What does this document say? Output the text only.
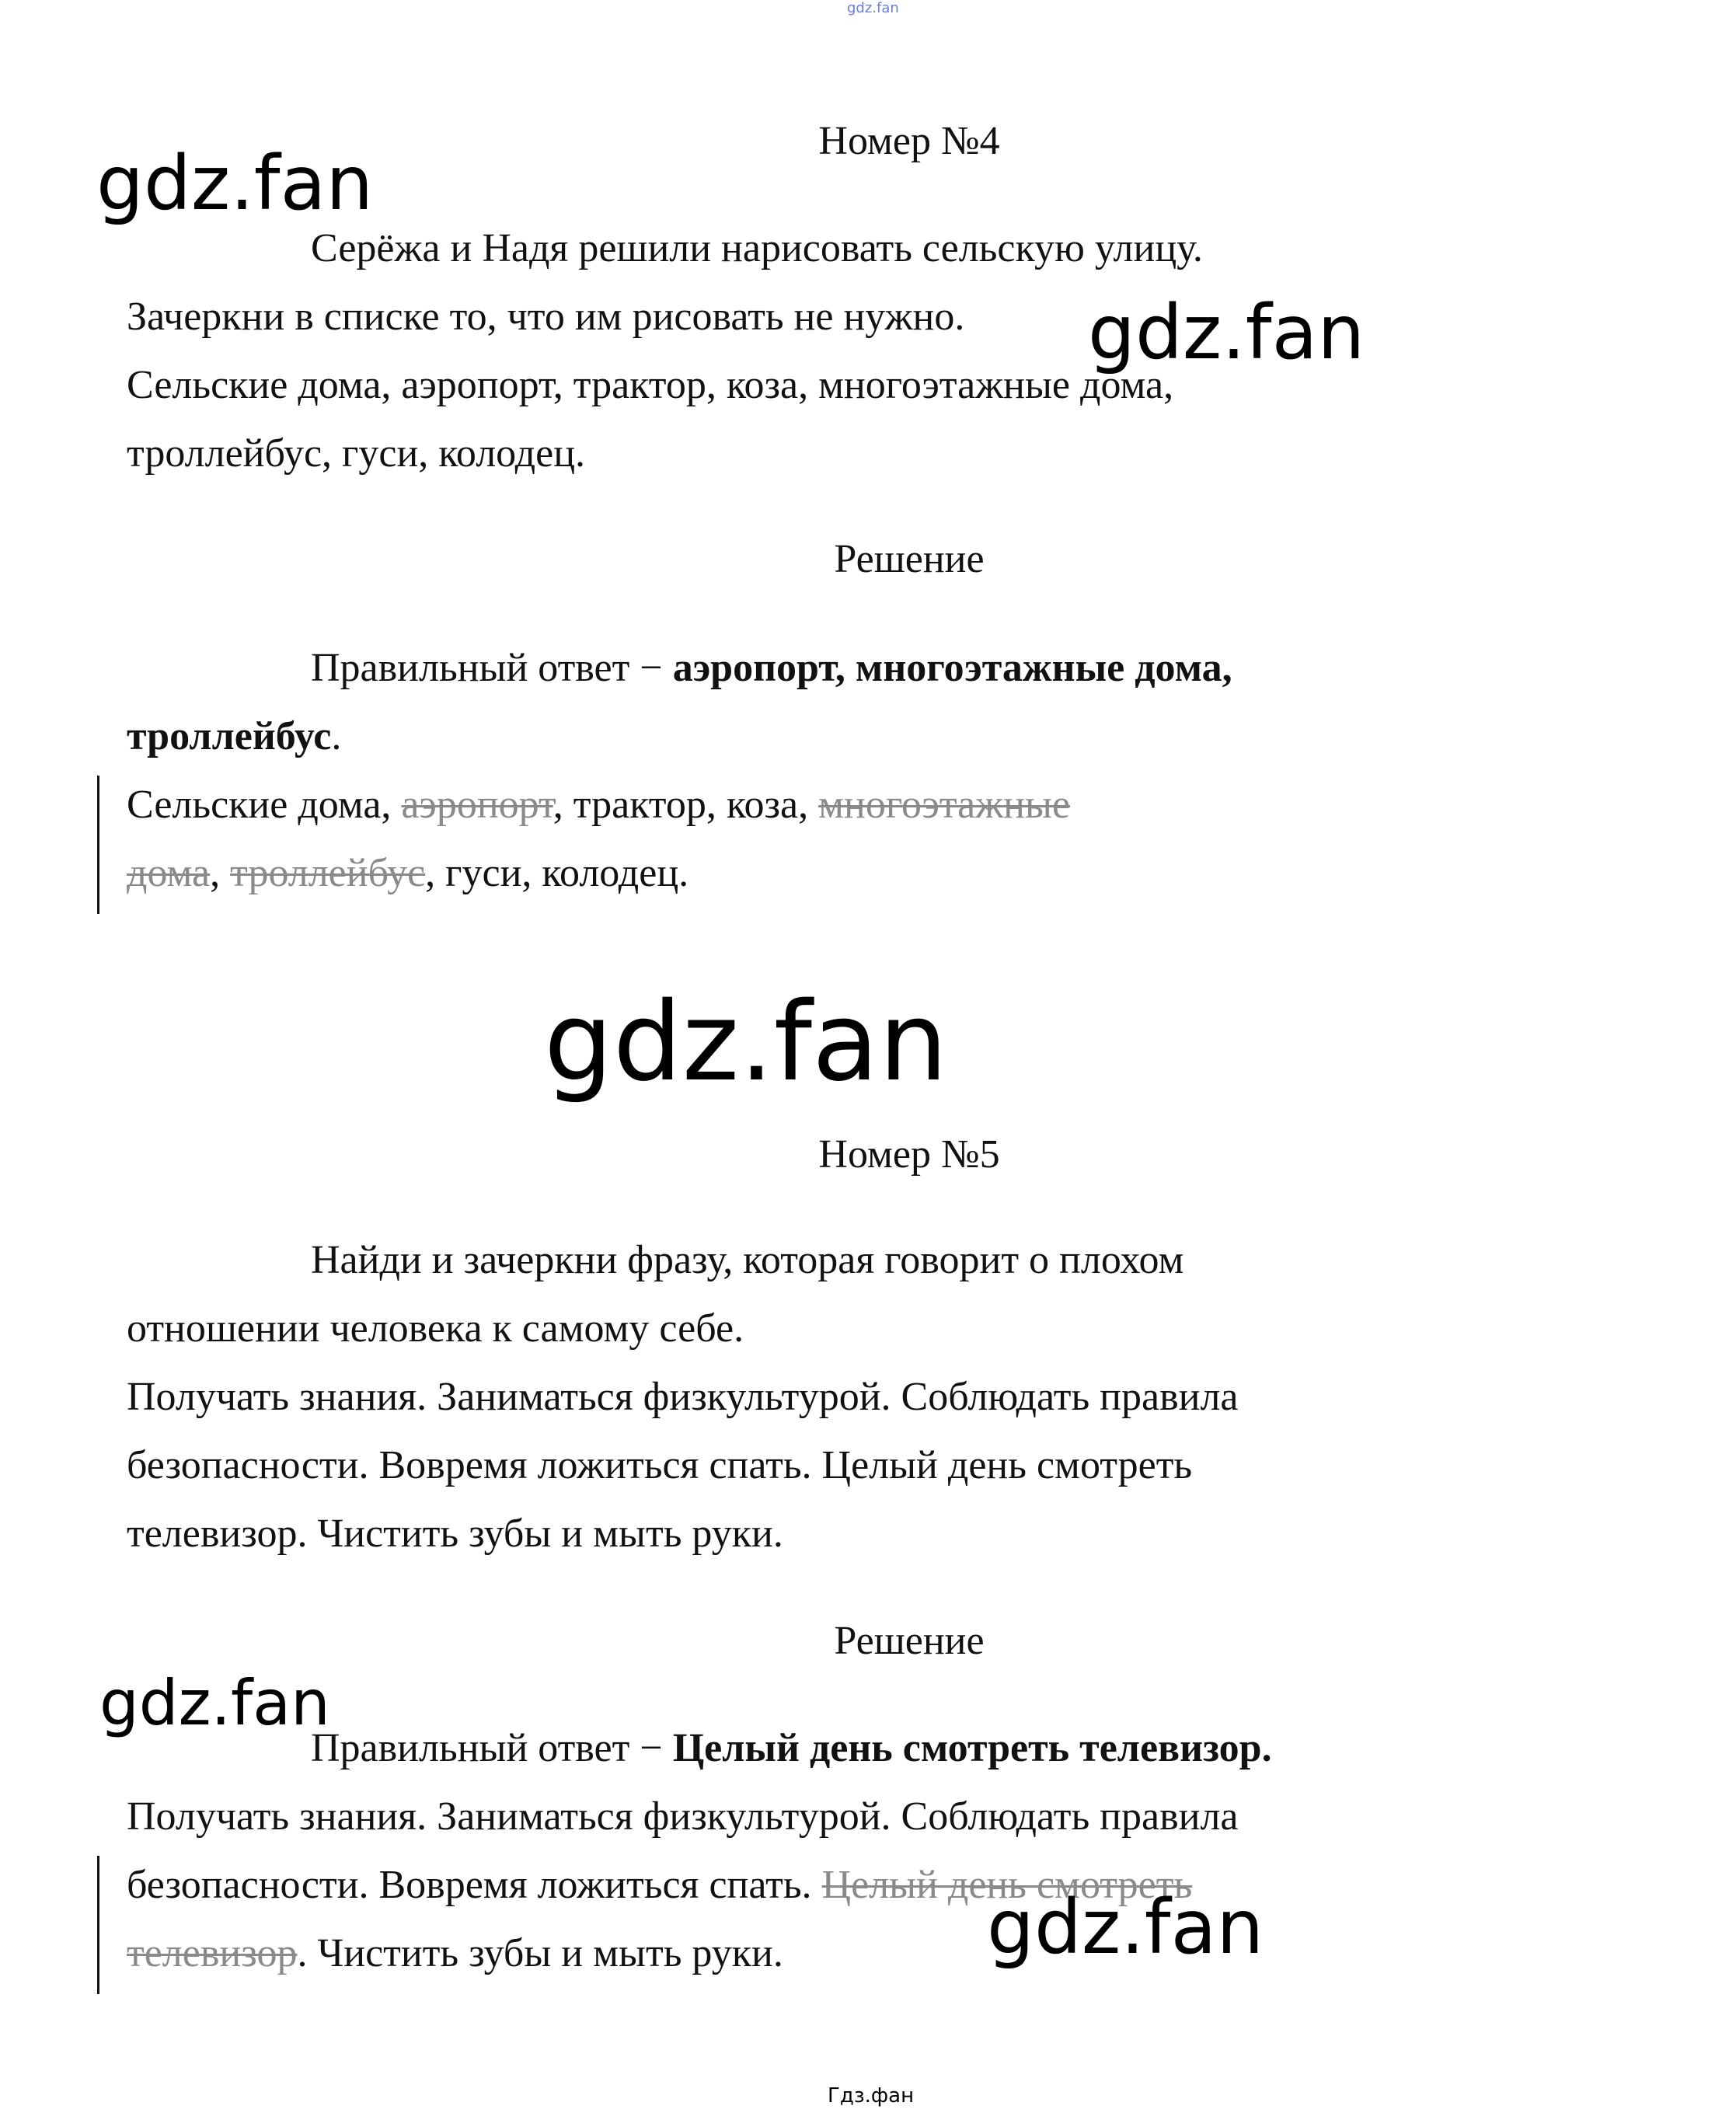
gdz.fan
Номер №4
Серёжа и Надя решили нарисовать сельскую улицу.
Зачеркни в списке то, что им рисовать не нужно.
Сельские дома, аэропорт, трактор, коза, многоэтажные дома,
троллейбус, гуси, колодец.
Решение
Правильный ответ − аэропорт, многоэтажные дома,
троллейбус.
Сельские дома, аэропорт, трактор, коза, многоэтажные
дома, троллейбус, гуси, колодец.
Номер №5
Найди и зачеркни фразу, которая говорит о плохом
отношении человека к самому себе.
Получать знания. Заниматься физкультурой. Соблюдать правила
безопасности. Вовремя ложиться спать. Целый день смотреть
телевизор. Чистить зубы и мыть руки.
Решение
Правильный ответ − Целый день смотреть телевизор.
Получать знания. Заниматься физкультурой. Соблюдать правила
безопасности. Вовремя ложиться спать. Целый день смотреть
телевизор. Чистить зубы и мыть руки.
gdz.fan
gdz.fan
gdz.fan
gdz.fan
gdz.fan
Гдз.фан
